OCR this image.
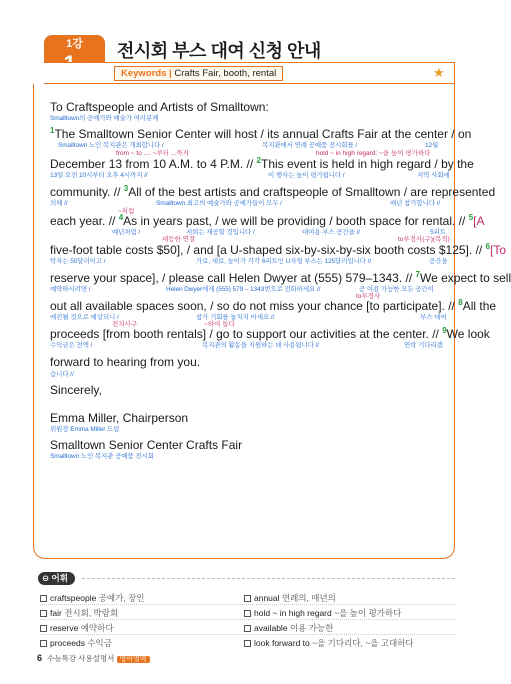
1강	전시회 부스 대여 신청 안내
Keywords | Crafts Fair, booth, rental	★
To Craftspeople and Artists of Smalltown:
Smalltown의 공예가와 예술가 여러분께
$^1$The Smalltown Senior Center will host / its annual Crafts Fair at the center / on
Smalltown 노인 복지관은 개최합니다 /	복지관에서 연례 공예품 전시회를 /	12월
from ~ to ...: ~부터 ...까지	hold ~ in high regard: ~을 높이 평가하다
December 13 from 10 A.M. to 4 P.M. // $^2$This event is held in high regard / by the
13일 오전 10시부터 오후 4시까지 //	이 행사는 높이 평가됩니다 /	지역 사회에
community. // $^3$All of the best artists and craftspeople of Smalltown / are represented
의해 //	Smalltown 최고의 예술가와 공예가들이 모두 /	매년 참가합니다 //
~처럼
each year. // $^4$As in years past, / we will be providing / booth space for rental. // $^5$[A
예년처럼 /	저희는 제공할 것입니다 /	대여용 부스 공간을 //	5피트
대등한 연결	to부정사(구)(목적)
five-foot table costs $50], / and [a U-shaped six-by-six-by-six booth costs $125]. // $^6$[To
탁자는 50달러이고 /	가로, 세로, 높이가 각각 6피트인 U자형 부스는 125달러입니다 //	공간을
reserve your space], / please call Helen Dwyer at (555) 579–1343. // $^7$We expect to sell
예약하시려면 /	Helen Dwyer에게 (555) 579 – 1343번으로 전화하세요 //	곧 이용 가능한 모든 공간이
to부정사
out all available spaces soon, / so do not miss your chance [to participate]. // $^8$All the
매진될 것으로 예상되니 /	참가 기회를 놓치지 마세요 //	부스 대여
전치사구	~하여 돕다
proceeds [from booth rentals] / go to support our activities at the center. // $^9$We look
수익금은 전액 /	복지관의 활동을 지원하는 데 사용됩니다 //	연락 기다리겠
forward to hearing from you.
습니다 //
Sincerely,
Emma Miller, Chairperson
위원장 Emma Miller 드림
Smalltown Senior Center Crafts Fair
Smalltown 노인 복지관 공예품 전시회
⊖ 어휘
craftspeople 공예가, 장인	annual 연례의, 매년의
fair 전시회, 박람회	hold ~ in high regard ~을 높이 평가하다
reserve 예약하다	available 이용 가능한
proceeds 수익금	look forward to ~을 기다리다, ~을 고대하다
6 수능특강 사용설명서 영어영역
